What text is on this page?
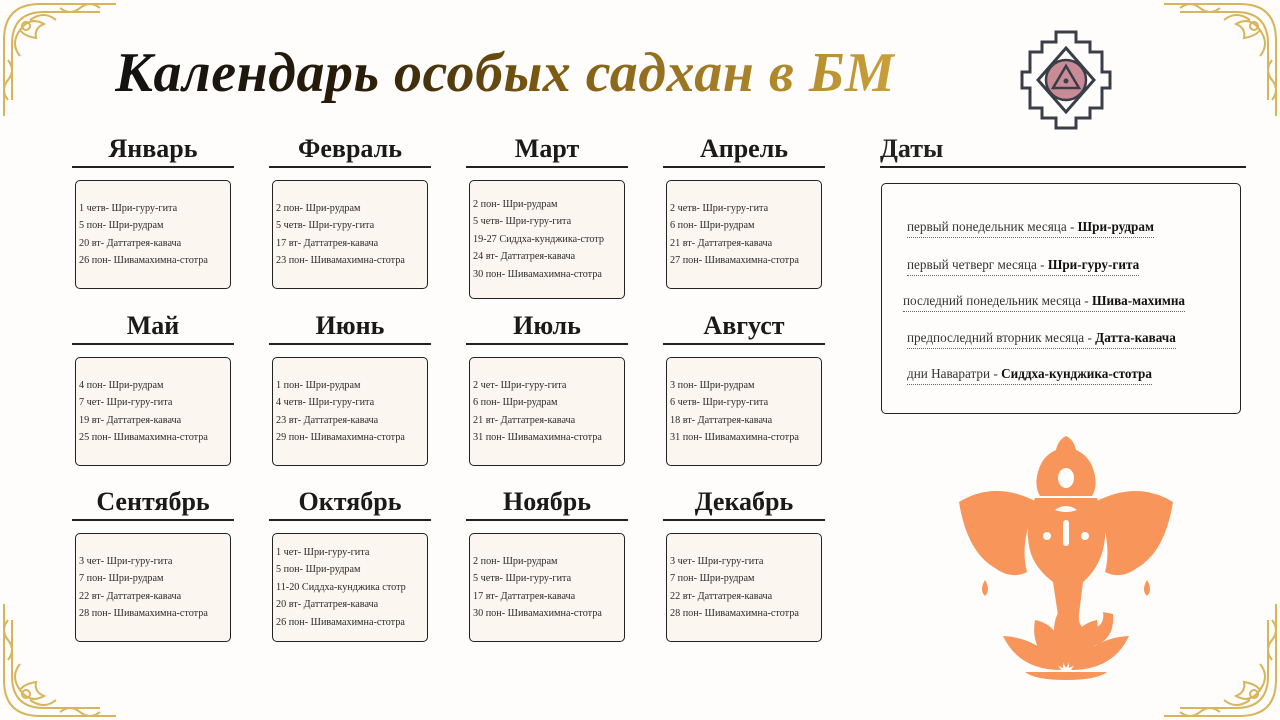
Календарь особых садхан в БМ
Январь
1 четв- Шри-гуру-гита
5 пон- Шри-рудрам
20 вт- Даттатрея-кавача
26 пон- Шивамахимна-стотра
Февраль
2 пон- Шри-рудрам
5 четв- Шри-гуру-гита
17 вт- Даттатрея-кавача
23 пон- Шивамахимна-стотра
Март
2 пон- Шри-рудрам
5 четв- Шри-гуру-гита
19-27 Сиддха-кунджика-стотр
24 вт- Даттатрея-кавача
30 пон- Шивамахимна-стотра
Апрель
2 четв- Шри-гуру-гита
6 пон- Шри-рудрам
21 вт- Даттатрея-кавача
27 пон- Шивамахимна-стотра
Май
4 пон- Шри-рудрам
7 чет- Шри-гуру-гита
19 вт- Даттатрея-кавача
25 пон- Шивамахимна-стотра
Июнь
1 пон- Шри-рудрам
4 четв- Шри-гуру-гита
23 вт- Даттатрея-кавача
29 пон- Шивамахимна-стотра
Июль
2 чет- Шри-гуру-гита
6 пон- Шри-рудрам
21 вт- Даттатрея-кавача
31 пон- Шивамахимна-стотра
Август
3 пон- Шри-рудрам
6 четв- Шри-гуру-гита
18 вт- Даттатрея-кавача
31 пон- Шивамахимна-стотра
Сентябрь
3 чет- Шри-гуру-гита
7 пон- Шри-рудрам
22 вт- Даттатрея-кавача
28 пон- Шивамахимна-стотра
Октябрь
1 чет- Шри-гуру-гита
5 пон- Шри-рудрам
11-20 Сиддха-кунджика стотр
20 вт- Даттатрея-кавача
26 пон- Шивамахимна-стотра
Ноябрь
2 пон- Шри-рудрам
5 четв- Шри-гуру-гита
17 вт- Даттатрея-кавача
30 пон- Шивамахимна-стотра
Декабрь
3 чет- Шри-гуру-гита
7 пон- Шри-рудрам
22 вт- Даттатрея-кавача
28 пон- Шивамахимна-стотра
Даты
первый понедельник месяца - Шри-рудрам
первый четверг месяца - Шри-гуру-гита
последний понедельник месяца - Шива-махимна
предпоследний вторник месяца - Датта-кавача
дни Наваратри - Сиддха-кунджика-стотра
